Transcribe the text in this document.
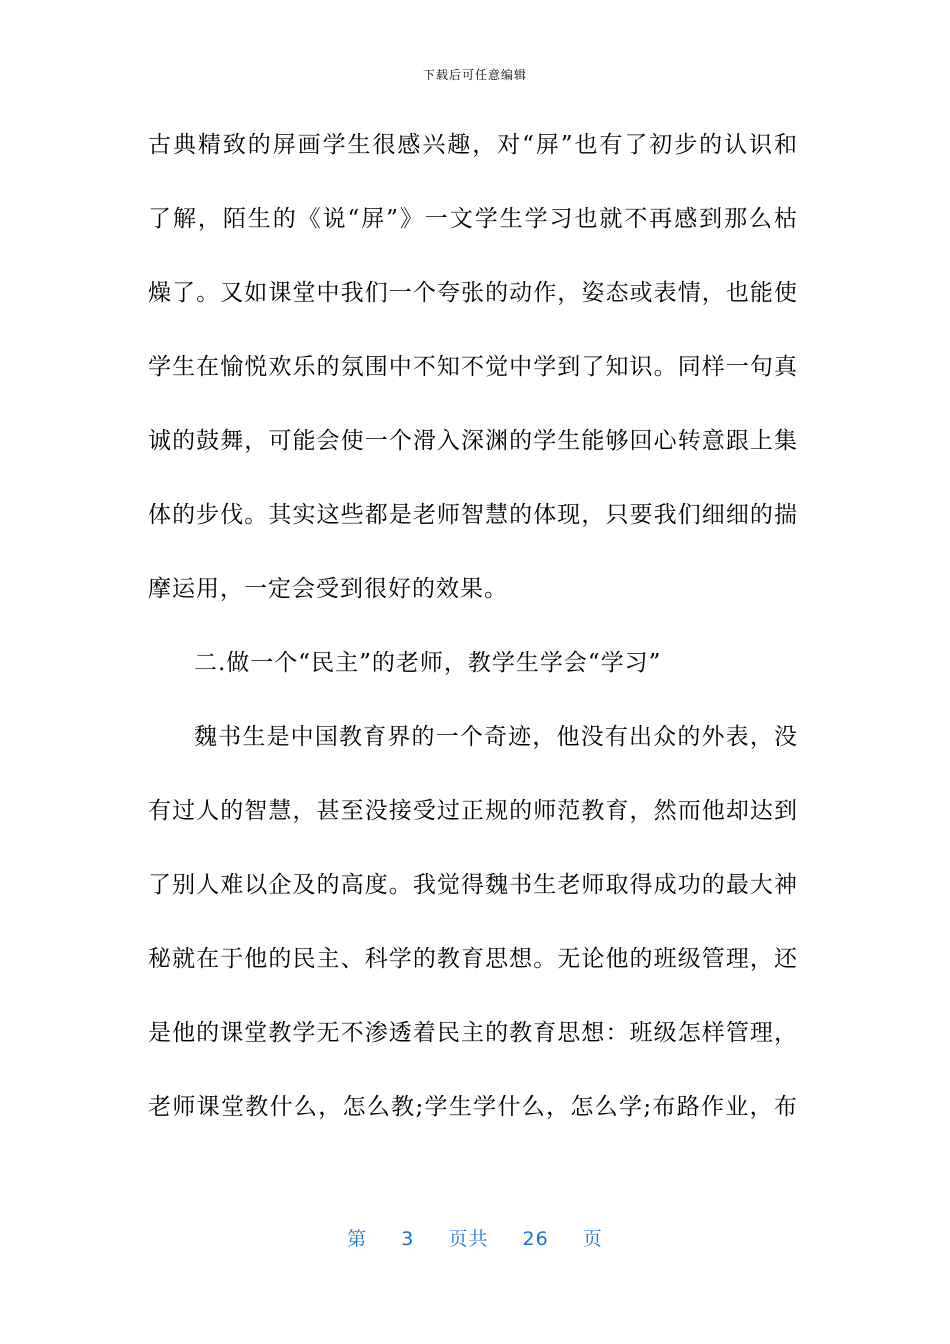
下载后可任意编辑
古典精致的屏画学生很感兴趣，对“屏”也有了初步的认识和
了解，陌生的《说“屏”》一文学生学习也就不再感到那么枯
燥了。又如课堂中我们一个夸张的动作，姿态或表情，也能使
学生在愉悦欢乐的氛围中不知不觉中学到了知识。同样一句真
诚的鼓舞，可能会使一个滑入深渊的学生能够回心转意跟上集
体的步伐。其实这些都是老师智慧的体现，只要我们细细的揣
摩运用，一定会受到很好的效果。
二.做一个“民主”的老师，教学生学会“学习”
魏书生是中国教育界的一个奇迹，他没有出众的外表，没
有过人的智慧，甚至没接受过正规的师范教育，然而他却达到
了别人难以企及的高度。我觉得魏书生老师取得成功的最大神
秘就在于他的民主、科学的教育思想。无论他的班级管理，还
是他的课堂教学无不渗透着民主的教育思想：班级怎样管理，
老师课堂教什么，怎么教;学生学什么，怎么学;布路作业，布
第 3 页共 26 页
